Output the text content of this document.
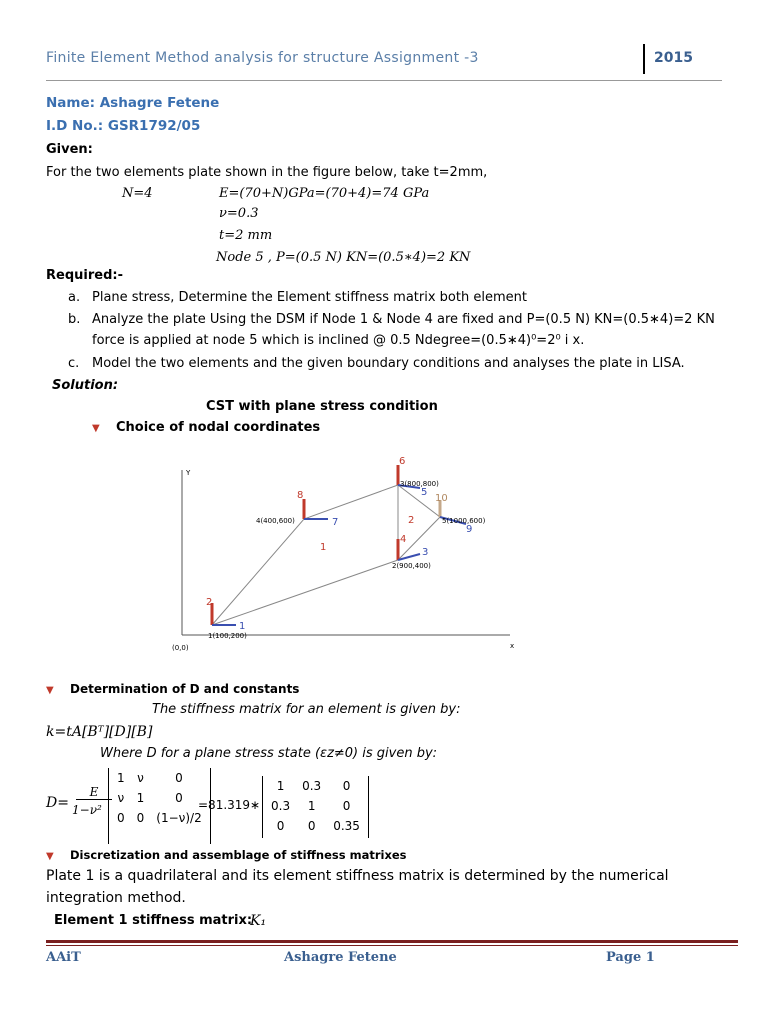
Finite Element Method analysis for structure Assignment -3	2015
Name: Ashagre Fetene
I.D No.: GSR1792/05
Given:
For the two elements plate shown in the figure below, take t=2mm,
N=4	E=(70+N)GPa=(70+4)=74 GPa
ν=0.3
t=2 mm
Node 5 , P=(0.5 N) KN=(0.5∗4)=2 KN
Required:-
a. Plane stress, Determine the Element stiffness matrix both element
b. Analyze the plate Using the DSM if Node 1 & Node 4 are fixed and P=(0.5 N) KN=(0.5∗4)=2 KN
force is applied at node 5 which is inclined @ 0.5 Ndegree=(0.5∗4)⁰=2⁰ i x.
c. Model the two elements and the given boundary conditions and analyses the plate in LISA.
Solution:
CST with plane stress condition
▼ Choice of nodal coordinates
Y
x
(0,0)
2
1
1(100,200)
8
7
4(400,600)
6
5
3(800,800)
4
3
2(900,400)
10
9
5(1000,600)
1
2
▼ Determination of D and constants
The stiffness matrix for an element is given by:
k=tA[Bᵀ][D][B]
Where D for a plane stress state (εz≠0) is given by:
D=
E
1−ν²
1	ν	0
ν	1	0
0	0	(1−ν)/2
=81.319∗
1	0.3	0
0.3	1	0
0	0	0.35
▼ Discretization and assemblage of stiffness matrixes
Plate 1 is a quadrilateral and its element stiffness matrix is determined by the numerical
integration method.
Element 1 stiffness matrix:
K₁
AAiT	Ashagre Fetene	Page 1
